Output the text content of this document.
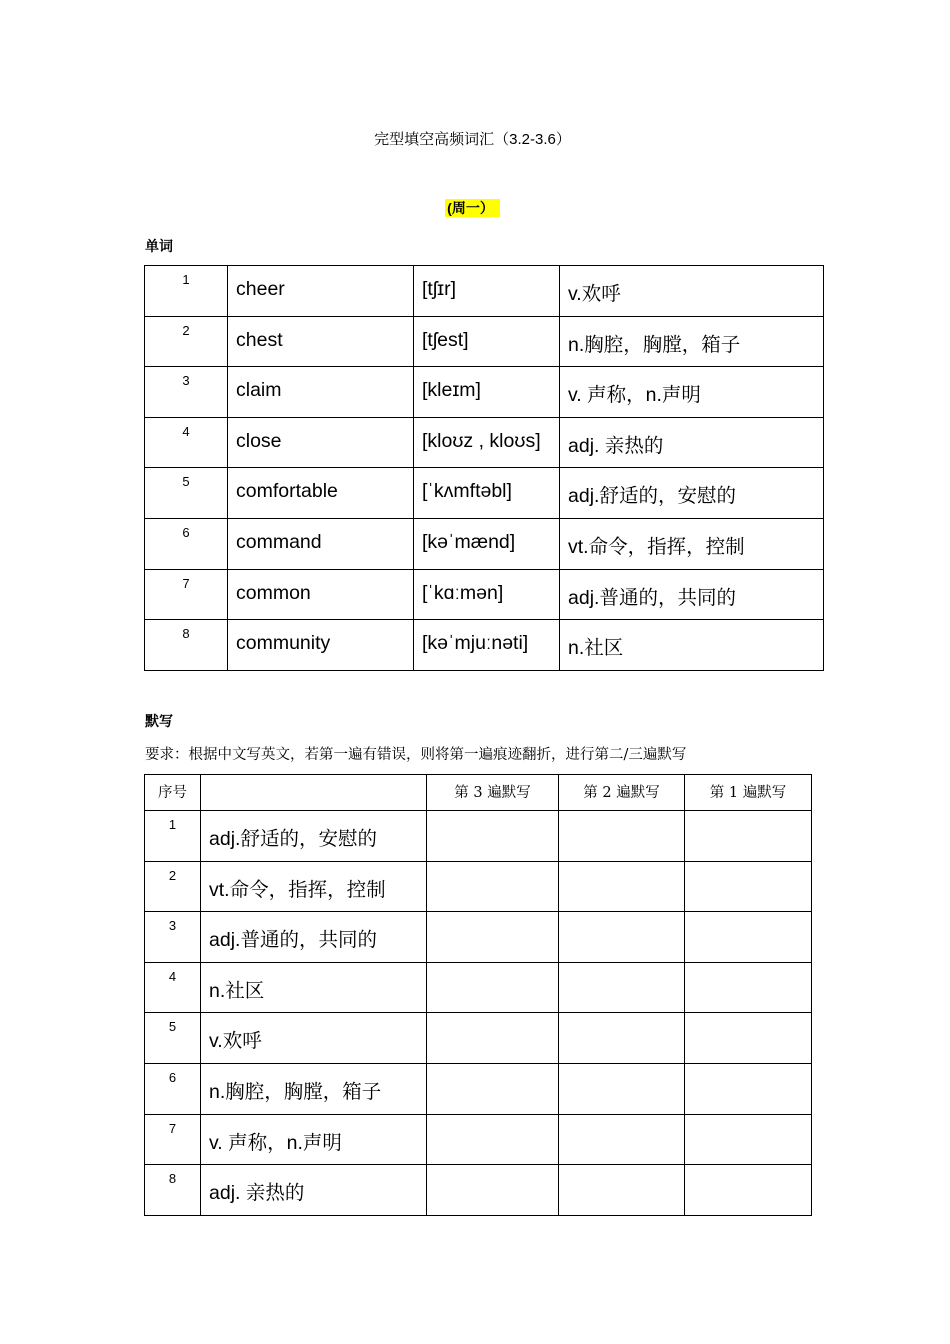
完型填空高频词汇（3.2-3.6）
(周一）
单词
1	cheer	[tʃɪr]	v.欢呼
2	chest	[tʃest]	n.胸腔，胸膛，箱子
3	claim	[kleɪm]	v. 声称，n.声明
4	close	[kloʊz , kloʊs]	adj. 亲热的
5	comfortable	[ˈkʌmftəbl]	adj.舒适的，安慰的
6	command	[kəˈmænd]	vt.命令，指挥，控制
7	common	[ˈkɑːmən]	adj.普通的，共同的
8	community	[kəˈmjuːnəti]	n.社区
默写
要求：根据中文写英文，若第一遍有错误，则将第一遍痕迹翻折，进行第二/三遍默写
序号		第 3 遍默写	第 2 遍默写	第 1 遍默写
1	adj.舒适的，安慰的			
2	vt.命令，指挥，控制			
3	adj.普通的，共同的			
4	n.社区			
5	v.欢呼			
6	n.胸腔，胸膛，箱子			
7	v. 声称，n.声明			
8	adj. 亲热的			
